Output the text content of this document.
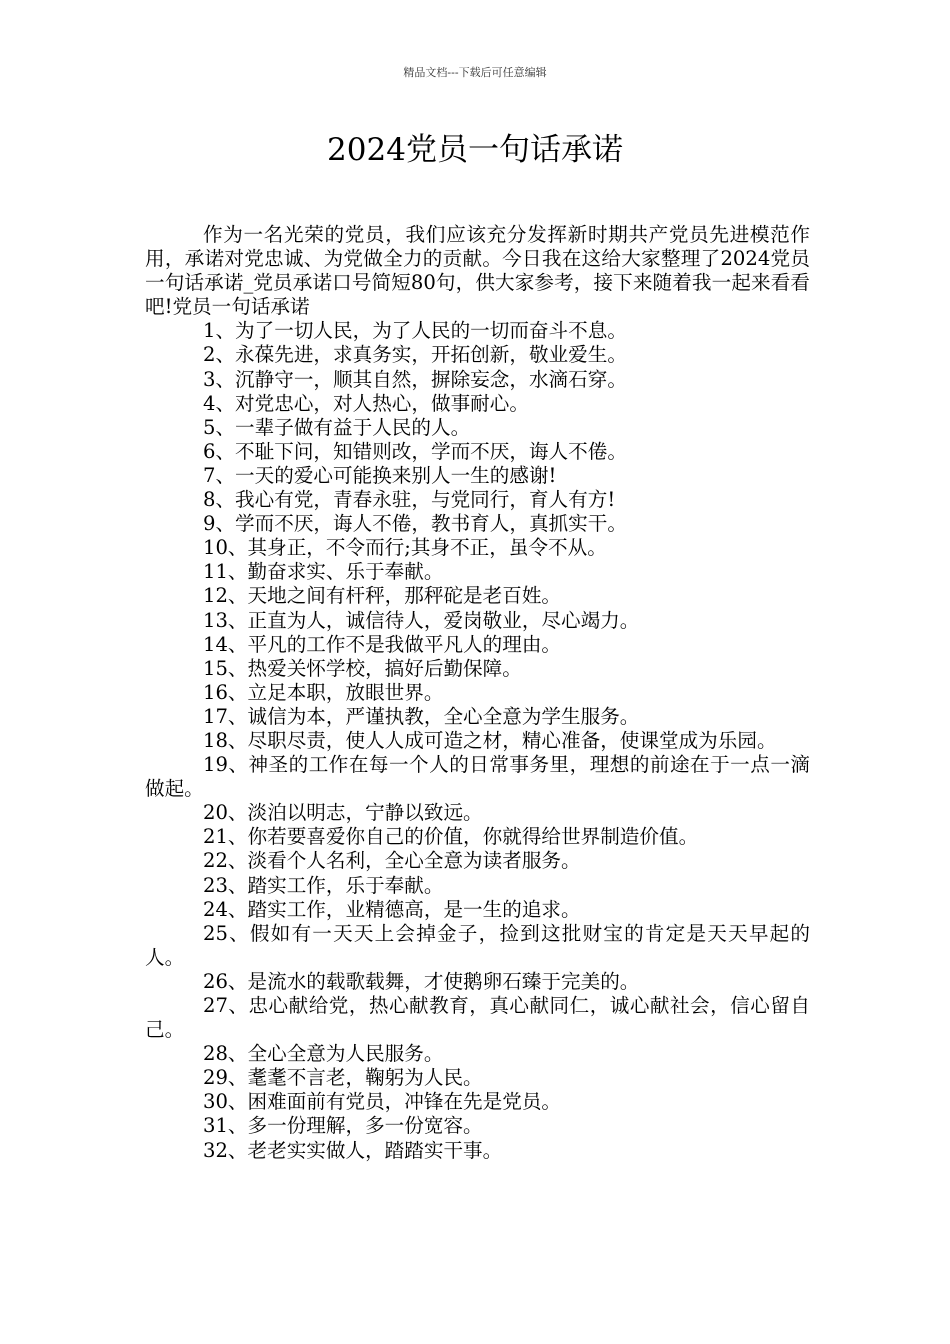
精品文档---下载后可任意编辑
2024党员一句话承诺

作为一名光荣的党员，我们应该充分发挥新时期共产党员先进模范作用，承诺对党忠诚、为党做全力的贡献。今日我在这给大家整理了2024党员一句话承诺_党员承诺口号简短80句，供大家参考，接下来随着我一起来看看吧!党员一句话承诺

1、为了一切人民，为了人民的一切而奋斗不息。

2、永葆先进，求真务实，开拓创新，敬业爱生。

3、沉静守一，顺其自然，摒除妄念，水滴石穿。

4、对党忠心，对人热心，做事耐心。

5、一辈子做有益于人民的人。

6、不耻下问，知错则改，学而不厌，诲人不倦。

7、一天的爱心可能换来别人一生的感谢!

8、我心有党，青春永驻，与党同行，育人有方!

9、学而不厌，诲人不倦，教书育人，真抓实干。

10、其身正，不令而行;其身不正，虽令不从。

11、勤奋求实、乐于奉献。

12、天地之间有杆秤，那秤砣是老百姓。

13、正直为人，诚信待人，爱岗敬业，尽心竭力。

14、平凡的工作不是我做平凡人的理由。

15、热爱关怀学校，搞好后勤保障。

16、立足本职，放眼世界。

17、诚信为本，严谨执教，全心全意为学生服务。

18、尽职尽责，使人人成可造之材，精心准备，使课堂成为乐园。

19、神圣的工作在每一个人的日常事务里，理想的前途在于一点一滴做起。

20、淡泊以明志，宁静以致远。

21、你若要喜爱你自己的价值，你就得给世界制造价值。

22、淡看个人名利，全心全意为读者服务。

23、踏实工作，乐于奉献。

24、踏实工作，业精德高，是一生的追求。

25、假如有一天天上会掉金子，捡到这批财宝的肯定是天天早起的人。

26、是流水的载歌载舞，才使鹅卵石臻于完美的。

27、忠心献给党，热心献教育，真心献同仁，诚心献社会，信心留自己。

28、全心全意为人民服务。

29、耄耄不言老，鞠躬为人民。

30、困难面前有党员，冲锋在先是党员。

31、多一份理解，多一份宽容。

32、老老实实做人，踏踏实干事。
